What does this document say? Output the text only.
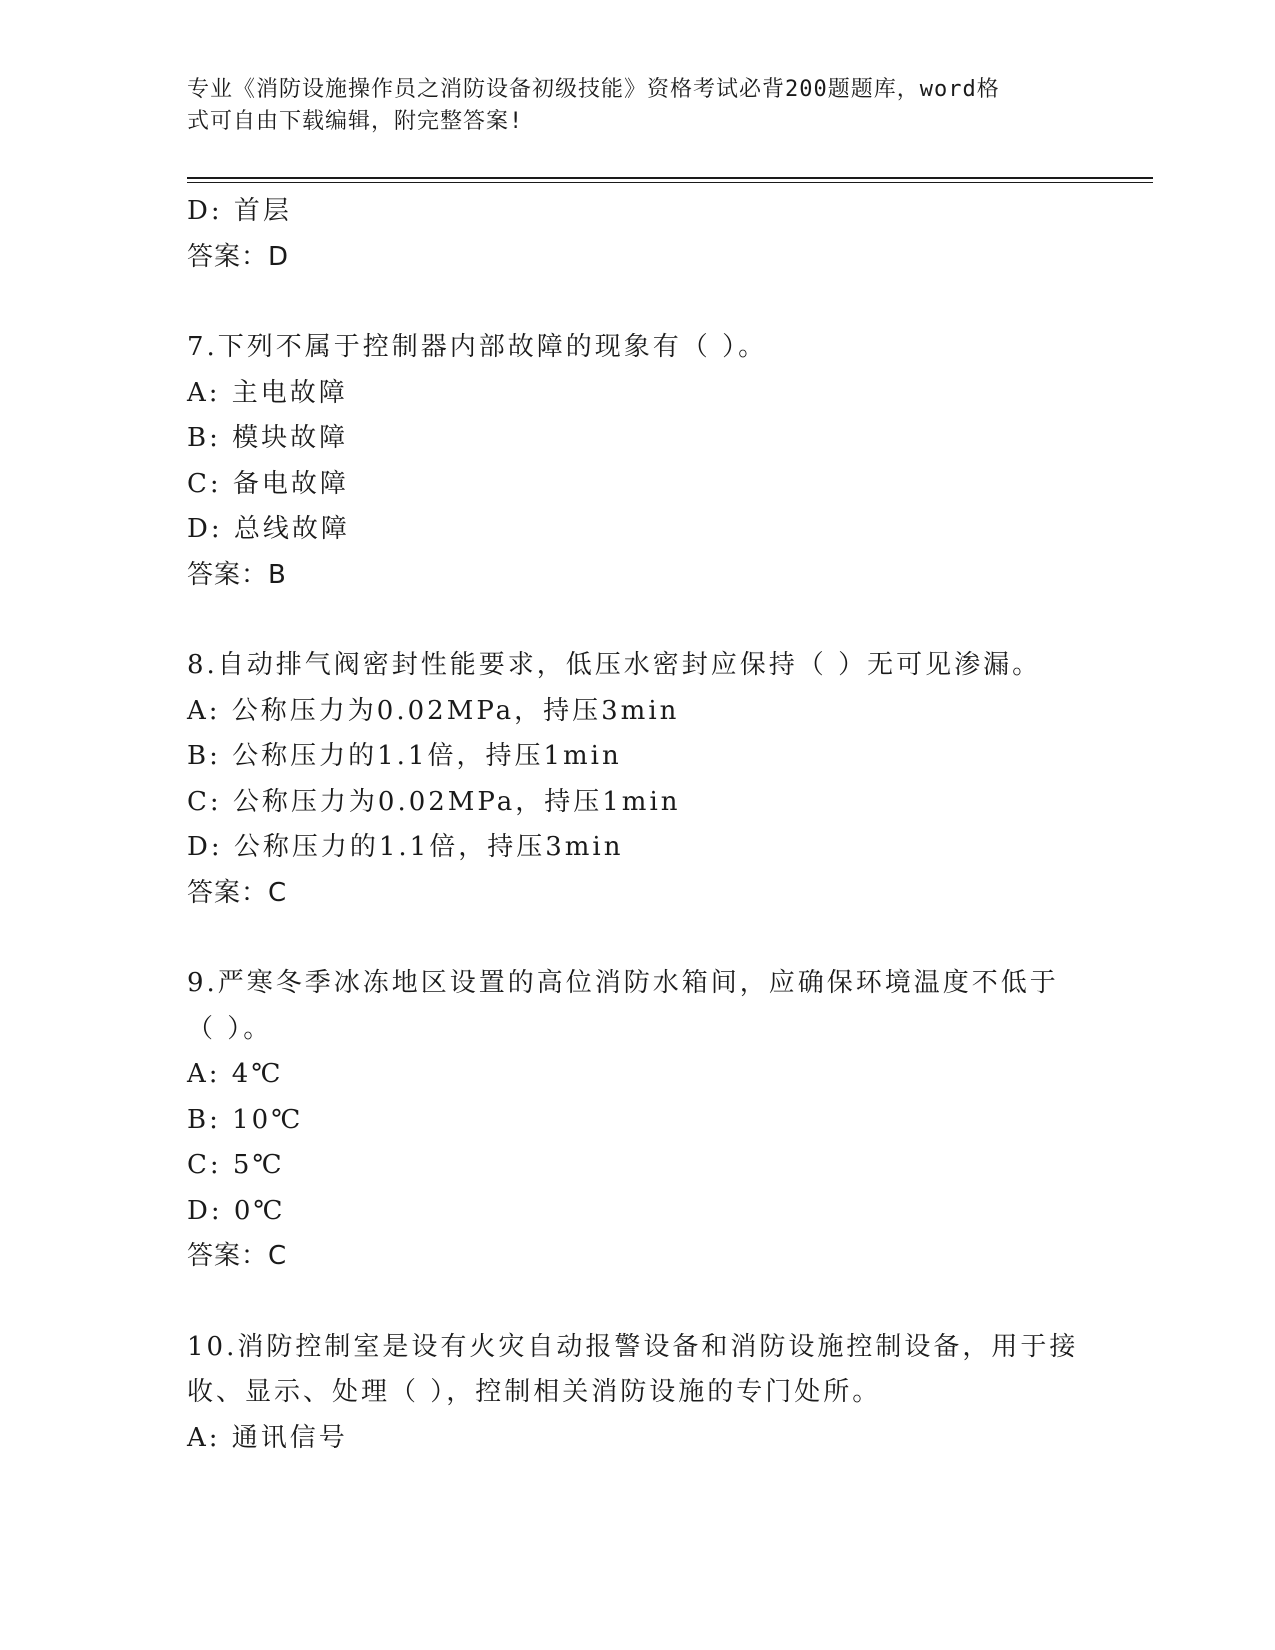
专业《消防设施操作员之消防设备初级技能》资格考试必背200题题库，word格
式可自由下载编辑，附完整答案!
D: 首层
答案：D
7.下列不属于控制器内部故障的现象有（ ）。
A: 主电故障
B: 模块故障
C: 备电故障
D: 总线故障
答案：B
8.自动排气阀密封性能要求，低压水密封应保持（ ）无可见渗漏。
A: 公称压力为0.02MPa，持压3min
B: 公称压力的1.1倍，持压1min
C: 公称压力为0.02MPa，持压1min
D: 公称压力的1.1倍，持压3min
答案：C
9.严寒冬季冰冻地区设置的高位消防水箱间，应确保环境温度不低于
（ ）。
A: 4℃
B: 10℃
C: 5℃
D: 0℃
答案：C
10.消防控制室是设有火灾自动报警设备和消防设施控制设备，用于接
收、显示、处理（ ），控制相关消防设施的专门处所。
A: 通讯信号
